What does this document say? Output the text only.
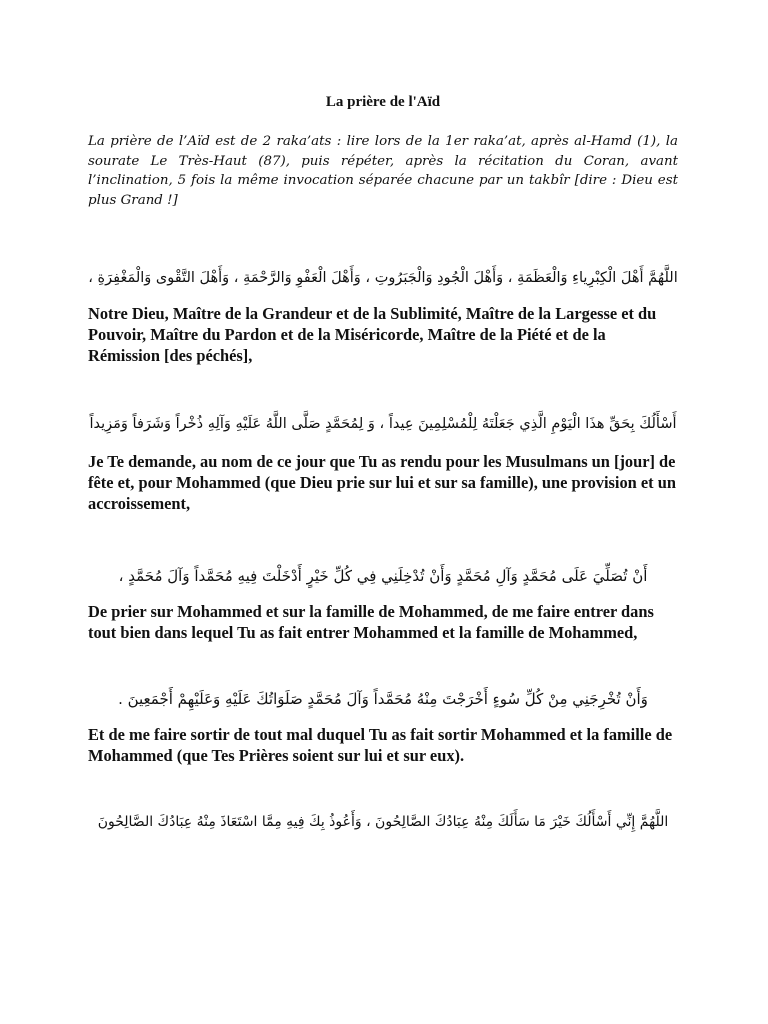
La prière de l'Aïd

La prière de l’Aïd est de 2 raka’ats : lire lors de la 1er raka’at, après al-Hamd (1), la sourate Le Très-Haut (87), puis répéter, après la récitation du Coran, avant l’inclination, 5 fois la même invocation séparée chacune par un takbîr [dire : Dieu est plus Grand !]

اللَّهُمَّ أَهْلَ الْكِبْرِياءِ وَالْعَظَمَةِ ، وَأَهْلَ الْجُودِ وَالْجَبَرُوتِ ، وَأَهْلَ الْعَفْوِ وَالرَّحْمَةِ ، وَأَهْلَ التَّقْوى وَالْمَغْفِرَةِ ،

Notre Dieu, Maître de la Grandeur et de la Sublimité, Maître de la Largesse et du Pouvoir, Maître du Pardon et de la Miséricorde, Maître de la Piété et de la Rémission [des péchés],

أَسْأَلُكَ بِحَقِّ هذَا الْيَوْمِ الَّذِي جَعَلْتَهُ لِلْمُسْلِمِينَ عِيداً ، وَ لِمُحَمَّدٍ صَلَّى اللَّهُ عَلَيْهِ وَآلِهِ ذُخْراً وَشَرَفاً وَمَزِيداً

Je Te demande, au nom de ce jour que Tu as rendu pour les Musulmans un [jour] de fête et, pour Mohammed (que Dieu prie sur lui et sur sa famille), une provision et un accroissement,

أَنْ تُصَلِّيَ عَلَى مُحَمَّدٍ وَآلِ مُحَمَّدٍ وَأَنْ تُدْخِلَنِي فِي كُلِّ خَيْرٍ أَدْخَلْتَ فِيهِ مُحَمَّداً وَآلَ مُحَمَّدٍ ،

De prier sur Mohammed et sur la famille de Mohammed, de me faire entrer dans tout bien dans lequel Tu as fait entrer Mohammed et la famille de Mohammed,

وَأَنْ تُخْرِجَنِي مِنْ كُلِّ سُوءٍ أَخْرَجْتَ مِنْهُ مُحَمَّداً وَآلَ مُحَمَّدٍ صَلَوَاتُكَ عَلَيْهِ وَعَلَيْهِمْ أَجْمَعِينَ .

Et de me faire sortir de tout mal duquel Tu as fait sortir Mohammed et la famille de Mohammed (que Tes Prières soient sur lui et sur eux).

اللَّهُمَّ إِنِّي أَسْأَلُكَ خَيْرَ مَا سَأَلَكَ مِنْهُ عِبَادُكَ الصَّالِحُونَ ، وَأَعُوذُ بِكَ فِيهِ مِمَّا اسْتَعَاذَ مِنْهُ عِبَادُكَ الصَّالِحُونَ
